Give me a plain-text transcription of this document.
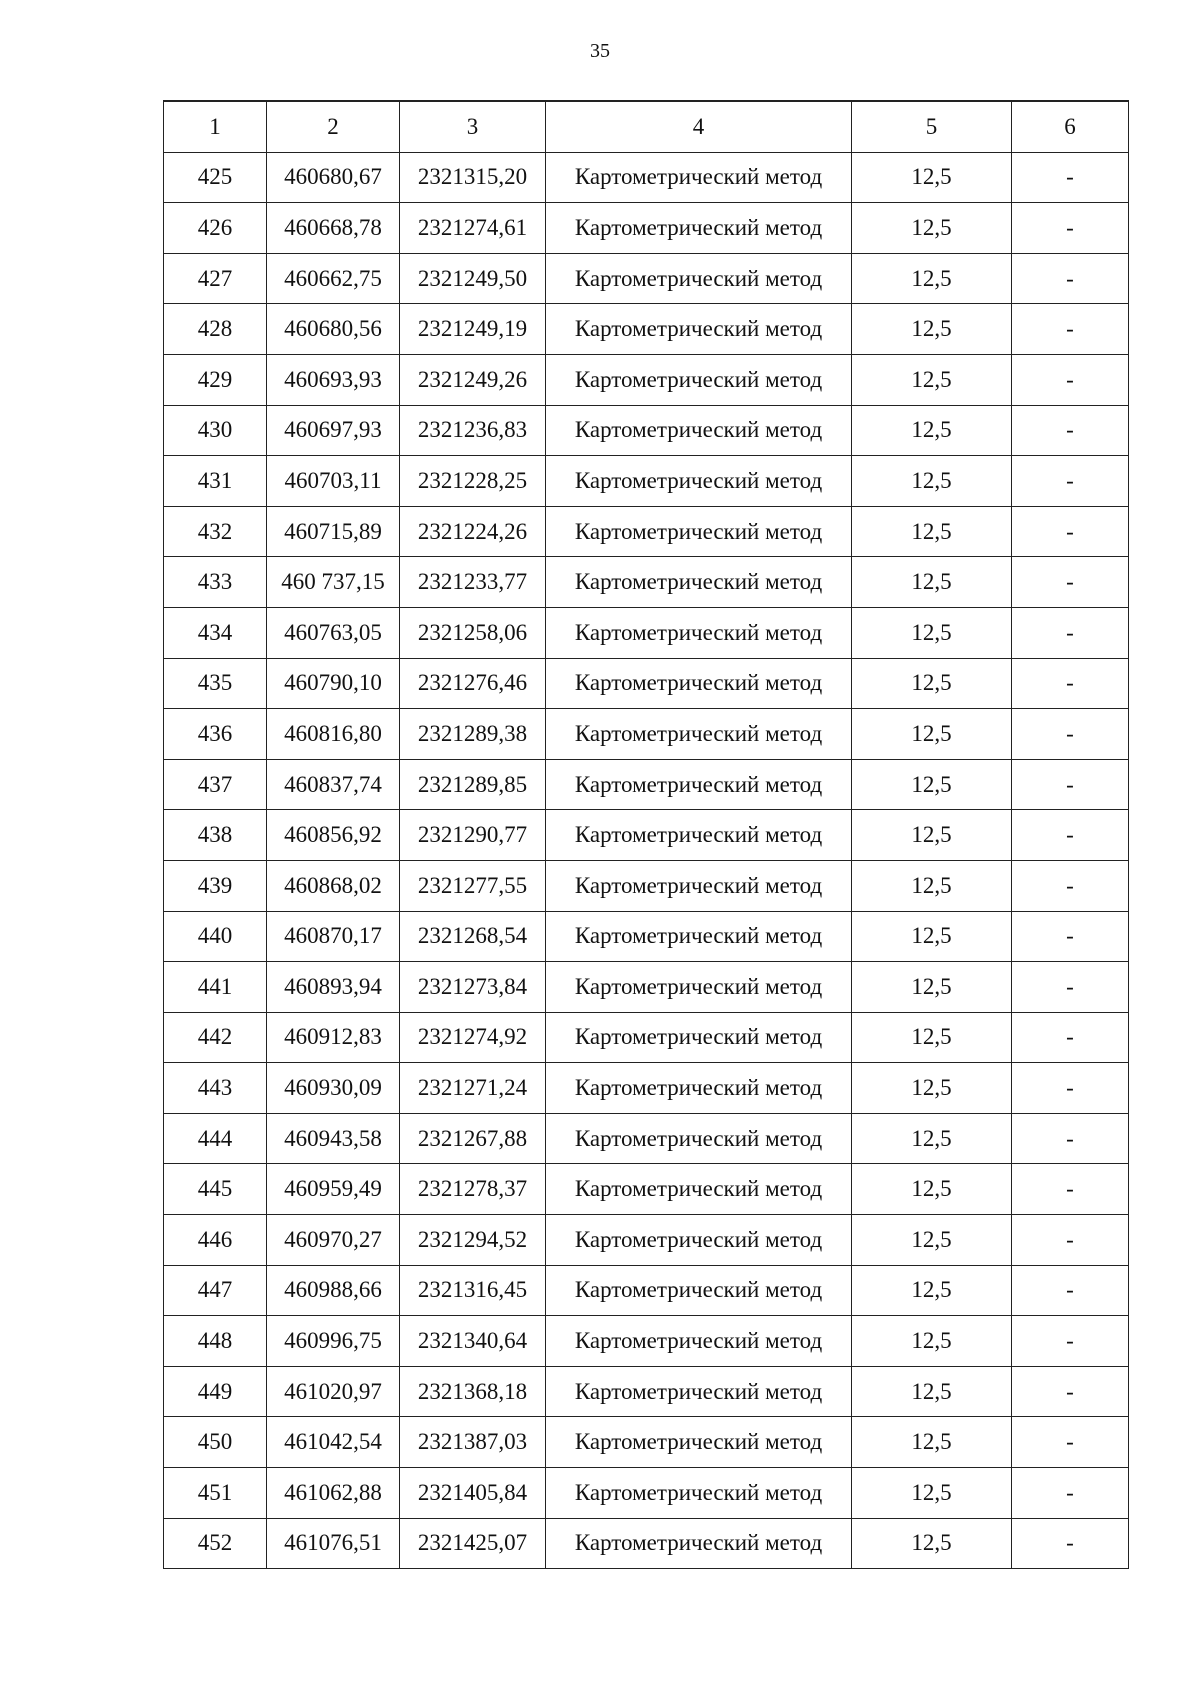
35
1	2	3	4	5	6
425	460680,67	2321315,20	Картометрический метод	12,5	-
426	460668,78	2321274,61	Картометрический метод	12,5	-
427	460662,75	2321249,50	Картометрический метод	12,5	-
428	460680,56	2321249,19	Картометрический метод	12,5	-
429	460693,93	2321249,26	Картометрический метод	12,5	-
430	460697,93	2321236,83	Картометрический метод	12,5	-
431	460703,11	2321228,25	Картометрический метод	12,5	-
432	460715,89	2321224,26	Картометрический метод	12,5	-
433	460 737,15	2321233,77	Картометрический метод	12,5	-
434	460763,05	2321258,06	Картометрический метод	12,5	-
435	460790,10	2321276,46	Картометрический метод	12,5	-
436	460816,80	2321289,38	Картометрический метод	12,5	-
437	460837,74	2321289,85	Картометрический метод	12,5	-
438	460856,92	2321290,77	Картометрический метод	12,5	-
439	460868,02	2321277,55	Картометрический метод	12,5	-
440	460870,17	2321268,54	Картометрический метод	12,5	-
441	460893,94	2321273,84	Картометрический метод	12,5	-
442	460912,83	2321274,92	Картометрический метод	12,5	-
443	460930,09	2321271,24	Картометрический метод	12,5	-
444	460943,58	2321267,88	Картометрический метод	12,5	-
445	460959,49	2321278,37	Картометрический метод	12,5	-
446	460970,27	2321294,52	Картометрический метод	12,5	-
447	460988,66	2321316,45	Картометрический метод	12,5	-
448	460996,75	2321340,64	Картометрический метод	12,5	-
449	461020,97	2321368,18	Картометрический метод	12,5	-
450	461042,54	2321387,03	Картометрический метод	12,5	-
451	461062,88	2321405,84	Картометрический метод	12,5	-
452	461076,51	2321425,07	Картометрический метод	12,5	-
